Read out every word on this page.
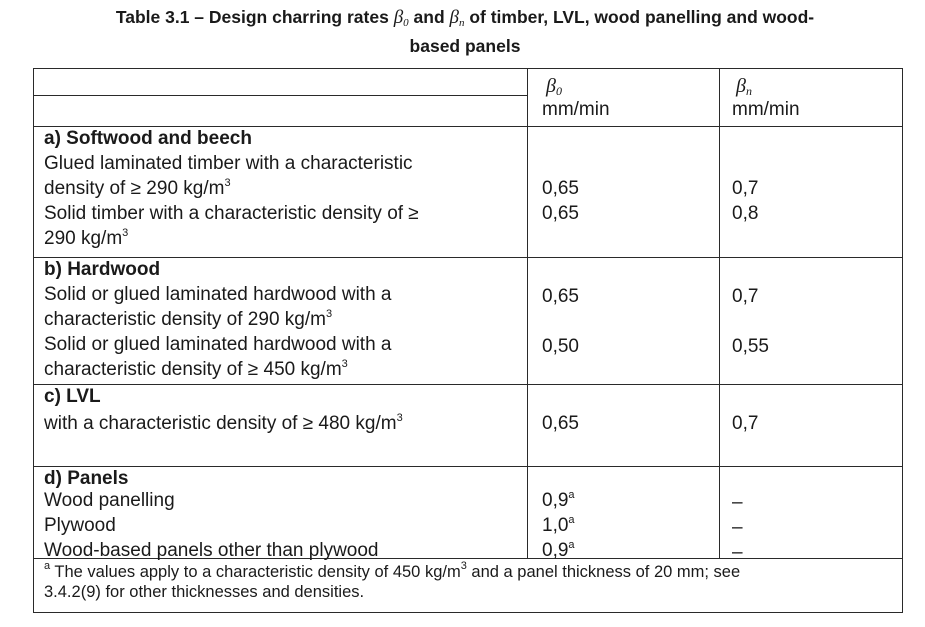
Table 3.1 – Design charring rates $\beta_0$ and $\beta_n$ of timber, LVL, wood panelling and wood-
based panels
$\beta_0$
mm/min
$\beta_n$
mm/min
a) Softwood and beech
Glued laminated timber with a characteristic
density of ≥ 290 $kg/m^3$
Solid timber with a characteristic density of ≥
290 $kg/m^3$
0,65
0,65
0,7
0,8
b) Hardwood
Solid or glued laminated hardwood with a
characteristic density of 290 $kg/m^3$
Solid or glued laminated hardwood with a
characteristic density of ≥ 450 $kg/m^3$
0,65
0,50
0,7
0,55
c) LVL
with a characteristic density of ≥ 480 $kg/m^3$	0,65	0,7
d) Panels
Wood panelling
Plywood
Wood-based panels other than plywood
0,9$^a$
1,0$^a$
0,9$^a$
–
–
–
$^a$ The values apply to a characteristic density of 450 $kg/m^3$ and a panel thickness of 20 mm; see
3.4.2(9) for other thicknesses and densities.
